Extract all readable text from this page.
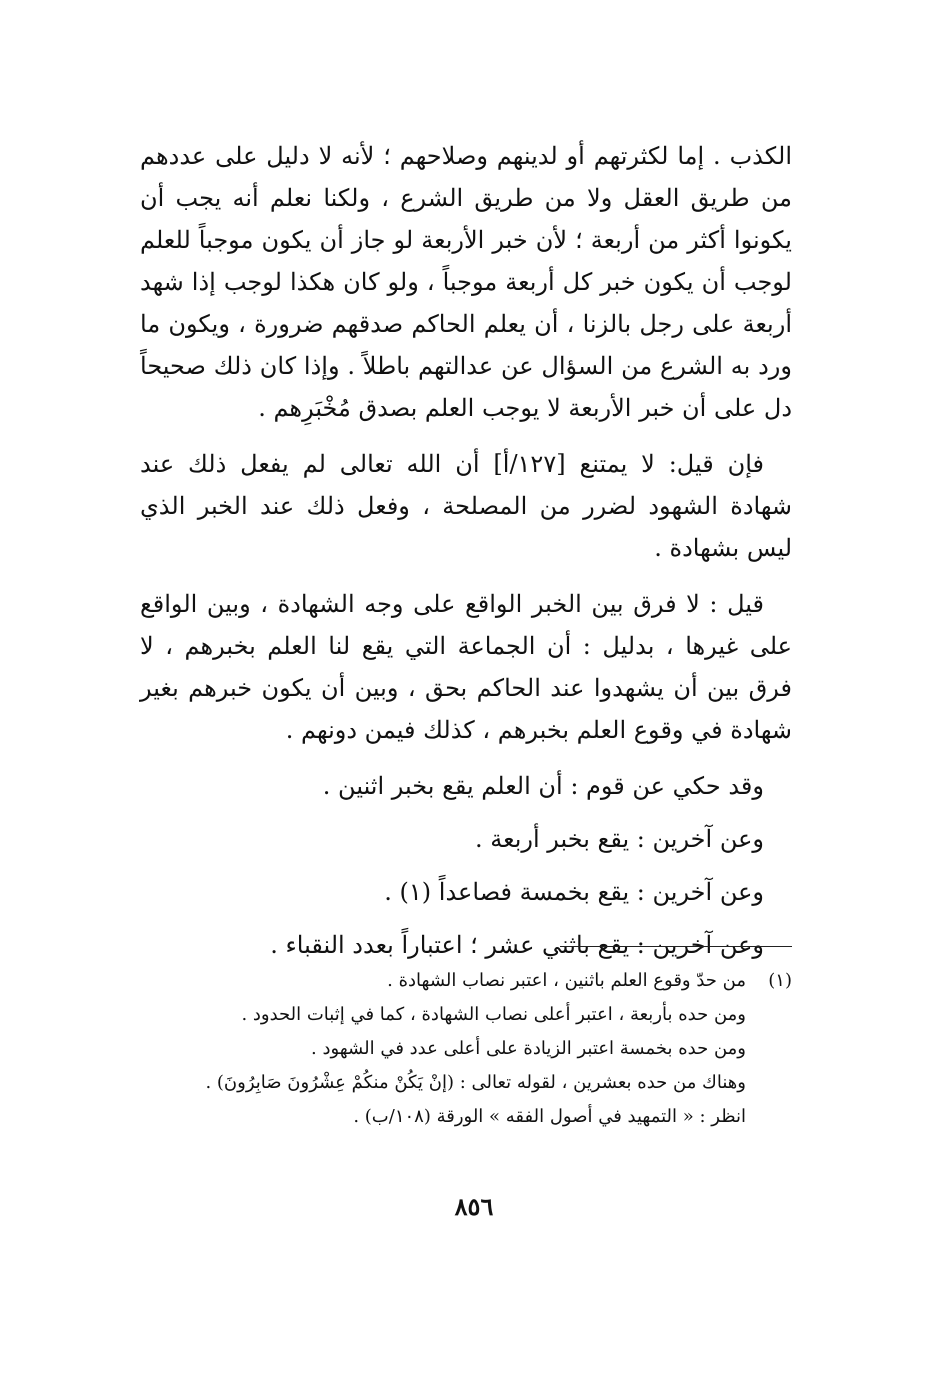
الكذب . إما لكثرتهم أو لدينهم وصلاحهم ؛ لأنه لا دليل على عددهم من طريق العقل ولا من طريق الشرع ، ولكنا نعلم أنه يجب أن يكونوا أكثر من أربعة ؛ لأن خبر الأربعة لو جاز أن يكون موجباً للعلم لوجب أن يكون خبر كل أربعة موجباً ، ولو كان هكذا لوجب إذا شهد أربعة على رجل بالزنا ، أن يعلم الحاكم صدقهم ضرورة ، ويكون ما ورد به الشرع من السؤال عن عدالتهم باطلاً . وإذا كان ذلك صحيحاً دل على أن خبر الأربعة لا يوجب العلم بصدق مُخْبَرِهم .

فإن قيل: لا يمتنع [١٢٧/أ] أن الله تعالى لم يفعل ذلك عند شهادة الشهود لضرر من المصلحة ، وفعل ذلك عند الخبر الذي ليس بشهادة .

قيل : لا فرق بين الخبر الواقع على وجه الشهادة ، وبين الواقع على غيرها ، بدليل : أن الجماعة التي يقع لنا العلم بخبرهم ، لا فرق بين أن يشهدوا عند الحاكم بحق ، وبين أن يكون خبرهم بغير شهادة في وقوع العلم بخبرهم ، كذلك فيمن دونهم .

وقد حكي عن قوم : أن العلم يقع بخبر اثنين .
وعن آخرين : يقع بخبر أربعة .
وعن آخرين : يقع بخمسة فصاعداً (١) .
وعن آخرين : يقع باثني عشر ؛ اعتباراً بعدد النقباء .
(١)من حدّ وقوع العلم باثنين ، اعتبر نصاب الشهادة .
ومن حده بأربعة ، اعتبر أعلى نصاب الشهادة ، كما في إثبات الحدود .
ومن حده بخمسة اعتبر الزيادة على أعلى عدد في الشهود .
وهناك من حده بعشرين ، لقوله تعالى : (إنْ يَكُنْ منكُمْ عِشْرُونَ صَابِرُونَ) .
انظر : « التمهيد في أصول الفقه » الورقة (١٠٨/ب) .
٨٥٦
